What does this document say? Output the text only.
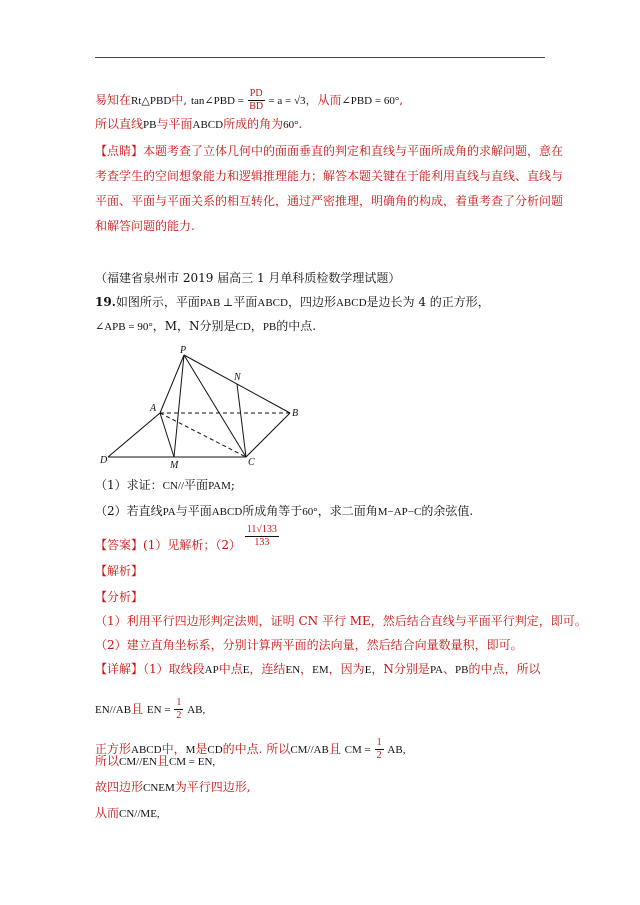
易知在Rt△PBD中, tan∠PBD = $\frac{PD}{BD} = a = √3$，从而∠PBD = 60°,
所以直线PB与平面ABCD所成的角为60°.
【点睛】本题考查了立体几何中的面面垂直的判定和直线与平面所成角的求解问题，意在
考查学生的空间想象能力和逻辑推理能力；解答本题关键在于能利用直线与直线、直线与
平面、平面与平面关系的相互转化，通过严密推理，明确角的构成，着重考查了分析问题
和解答问题的能力.
（福建省泉州市 2019 届高三 1 月单科质检数学理试题）
19.如图所示，平面PAB ⊥平面ABCD，四边形ABCD是边长为 4 的正方形，
∠APB = 90°，M，N分别是CD，PB的中点.
P
N
A	B
D	M	C
（1）求证：CN//平面PAM;
（2）若直线PA与平面ABCD所成角等于60°，求二面角M−AP−C的余弦值.
【答案】(1）见解析；$(2) \frac{11√133}{133}$
【解析】
【分析】
（1）利用平行四边形判定法则，证明 CN 平行 ME，然后结合直线与平面平行判定，即可。
（2）建立直角坐标系，分别计算两平面的法向量，然后结合向量数量积，即可。
【详解】（1）取线段AP中点E，连结EN，EM，因为E，N分别是PA、PB的中点，所以
EN//AB且 EN = $\frac{1}{2}$ AB,
正方形ABCD中，M是CD的中点. 所以CM//AB且 CM = $\frac{1}{2}$ AB,
所以CM//EN且CM = EN,
故四边形CNEM为平行四边形,
从而CN//ME,
